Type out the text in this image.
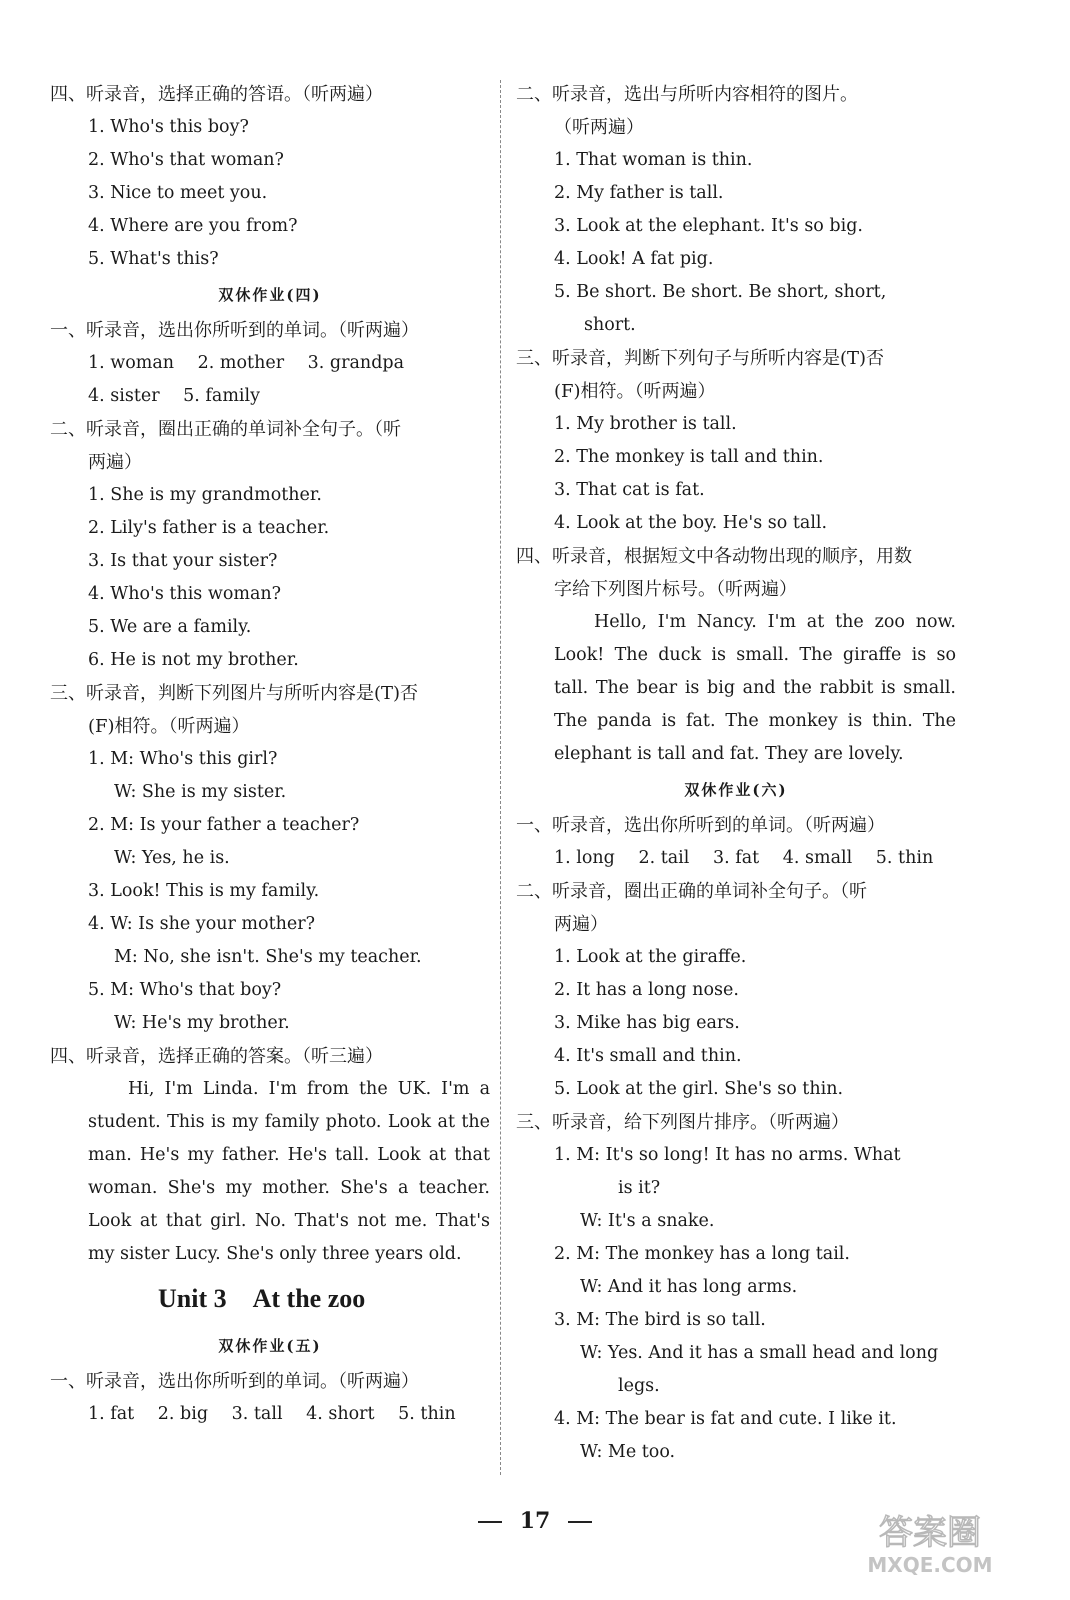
四、听录音，选择正确的答语。（听两遍）
1. Who's this boy?
2. Who's that woman?
3. Nice to meet you.
4. Where are you from?
5. What's this?
双休作业(四)
一、听录音，选出你所听到的单词。（听两遍）
1. woman 2. mother 3. grandpa
4. sister 5. family
二、听录音，圈出正确的单词补全句子。（听
两遍）
1. She is my grandmother.
2. Lily's father is a teacher.
3. Is that your sister?
4. Who's this woman?
5. We are a family.
6. He is not my brother.
三、听录音，判断下列图片与所听内容是(T)否
(F)相符。（听两遍）
1. M: Who's this girl?
W: She is my sister.
2. M: Is your father a teacher?
W: Yes, he is.
3. Look! This is my family.
4. W: Is she your mother?
M: No, she isn't. She's my teacher.
5. M: Who's that boy?
W: He's my brother.
四、听录音，选择正确的答案。（听三遍）

Hi, I'm Linda. I'm from the UK. I'm a student. This is my family photo. Look at the man. He's my father. He's tall. Look at that woman. She's my mother. She's a teacher. Look at that girl. No. That's not me. That's my sister Lucy. She's only three years old.

Unit 3 At the zoo
双休作业(五)
一、听录音，选出你所听到的单词。（听两遍）
1. fat 2. big 3. tall 4. short 5. thin
二、听录音，选出与所听内容相符的图片。
（听两遍）
1. That woman is thin.
2. My father is tall.
3. Look at the elephant. It's so big.
4. Look! A fat pig.
5. Be short. Be short. Be short, short,
short.
三、听录音，判断下列句子与所听内容是(T)否
(F)相符。（听两遍）
1. My brother is tall.
2. The monkey is tall and thin.
3. That cat is fat.
4. Look at the boy. He's so tall.
四、听录音，根据短文中各动物出现的顺序，用数
字给下列图片标号。（听两遍）

Hello, I'm Nancy. I'm at the zoo now. Look! The duck is small. The giraffe is so tall. The bear is big and the rabbit is small. The panda is fat. The monkey is thin. The elephant is tall and fat. They are lovely.

双休作业(六)
一、听录音，选出你所听到的单词。（听两遍）
1. long 2. tail 3. fat 4. small 5. thin
二、听录音，圈出正确的单词补全句子。（听
两遍）
1. Look at the giraffe.
2. It has a long nose.
3. Mike has big ears.
4. It's small and thin.
5. Look at the girl. She's so thin.
三、听录音，给下列图片排序。（听两遍）
1. M: It's so long! It has no arms. What
is it?
W: It's a snake.
2. M: The monkey has a long tail.
W: And it has long arms.
3. M: The bird is so tall.
W: Yes. And it has a small head and long
legs.
4. M: The bear is fat and cute. I like it.
W: Me too.
17	答案圈
MXQE.COM
